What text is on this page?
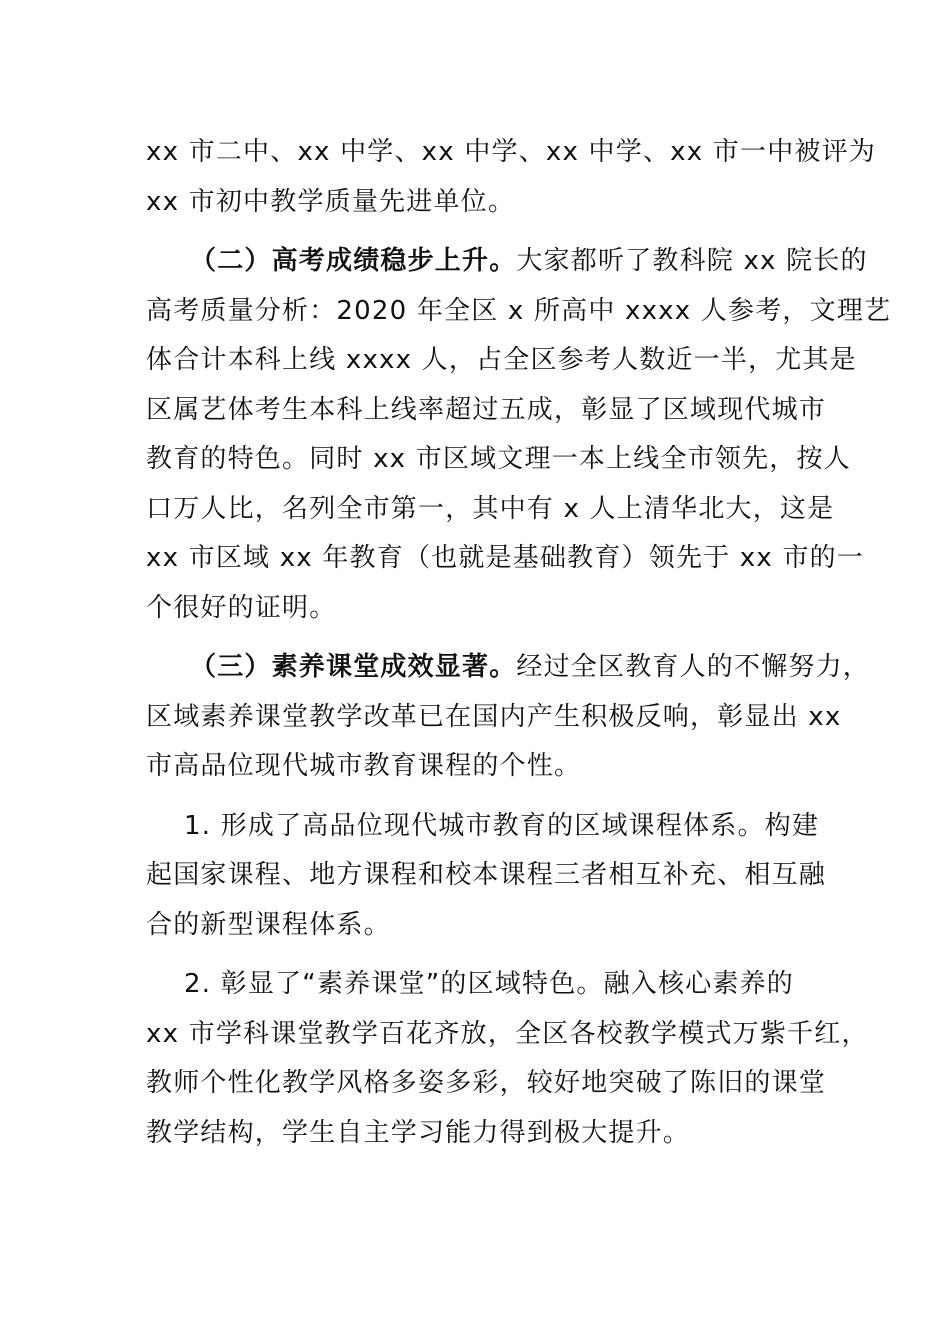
xx 市二中、xx 中学、xx 中学、xx 中学、xx 市一中被评为
xx 市初中教学质量先进单位。
（二）高考成绩稳步上升。大家都听了教科院 xx 院长的
高考质量分析：2020 年全区 x 所高中 xxxx 人参考，文理艺
体合计本科上线 xxxx 人，占全区参考人数近一半，尤其是
区属艺体考生本科上线率超过五成，彰显了区域现代城市
教育的特色。同时 xx 市区域文理一本上线全市领先，按人
口万人比，名列全市第一，其中有 x 人上清华北大，这是
xx 市区域 xx 年教育（也就是基础教育）领先于 xx 市的一
个很好的证明。
（三）素养课堂成效显著。经过全区教育人的不懈努力，
区域素养课堂教学改革已在国内产生积极反响，彰显出 xx
市高品位现代城市教育课程的个性。
1. 形成了高品位现代城市教育的区域课程体系。构建
起国家课程、地方课程和校本课程三者相互补充、相互融
合的新型课程体系。
2. 彰显了“素养课堂”的区域特色。融入核心素养的
xx 市学科课堂教学百花齐放，全区各校教学模式万紫千红，
教师个性化教学风格多姿多彩，较好地突破了陈旧的课堂
教学结构，学生自主学习能力得到极大提升。
